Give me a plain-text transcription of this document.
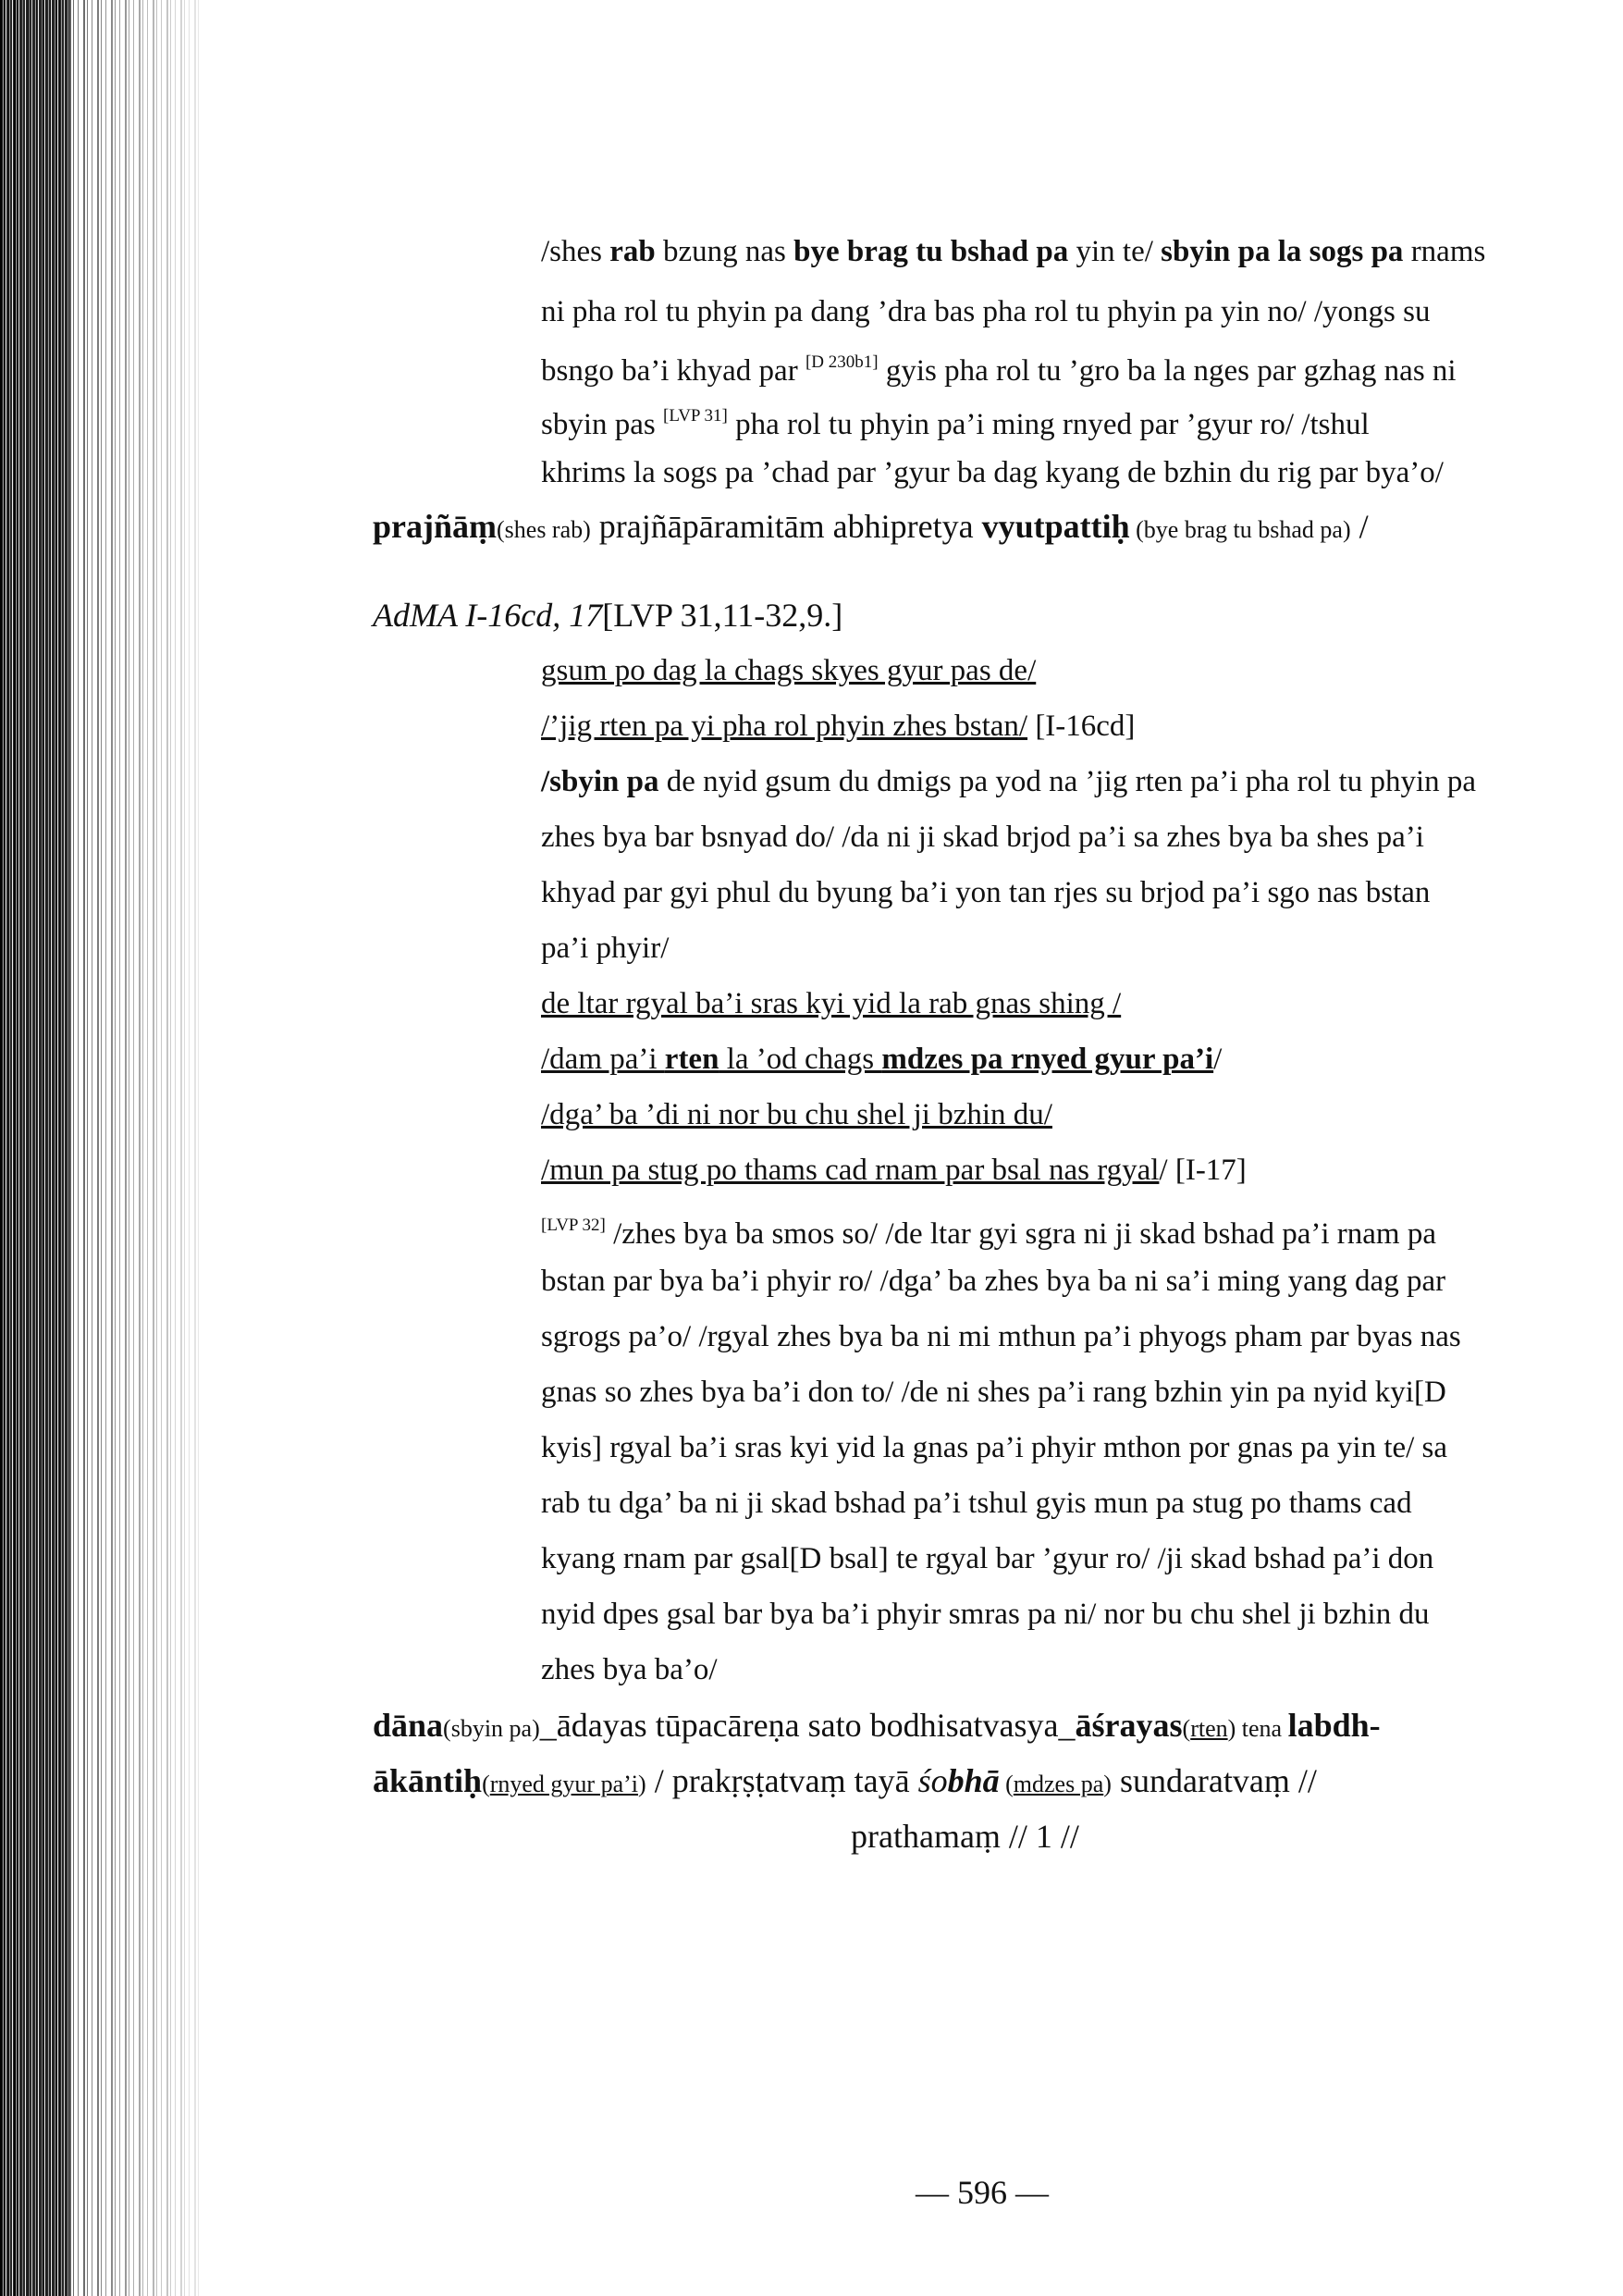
/shes rab bzung nas bye brag tu bshad pa yin te/ sbyin pa la sogs pa rnams
ni pha rol tu phyin pa dang ’dra bas pha rol tu phyin pa yin no/ /yongs su
bsngo ba’i khyad par [D 230b1] gyis pha rol tu ’gro ba la nges par gzhag nas ni
sbyin pas [LVP 31] pha rol tu phyin pa’i ming rnyed par ’gyur ro/ /tshul
khrims la sogs pa ’chad par ’gyur ba dag kyang de bzhin du rig par bya’o/
prajñāṃ(shes rab) prajñāpāramitām abhipretya vyutpattiḥ (bye brag tu bshad pa) /
AdMA I-16cd, 17[LVP 31,11-32,9.]
gsum po dag la chags skyes gyur pas de/
/’jig rten pa yi pha rol phyin zhes bstan/ [I-16cd]
/sbyin pa de nyid gsum du dmigs pa yod na ’jig rten pa’i pha rol tu phyin pa
zhes bya bar bsnyad do/ /da ni ji skad brjod pa’i sa zhes bya ba shes pa’i
khyad par gyi phul du byung ba’i yon tan rjes su brjod pa’i sgo nas bstan
pa’i phyir/
de ltar rgyal ba’i sras kyi yid la rab gnas shing /
/dam pa’i rten la ’od chags mdzes pa rnyed gyur pa’i/
/dga’ ba ’di ni nor bu chu shel ji bzhin du/
/mun pa stug po thams cad rnam par bsal nas rgyal/ [I-17]
[LVP 32] /zhes bya ba smos so/ /de ltar gyi sgra ni ji skad bshad pa’i rnam pa
bstan par bya ba’i phyir ro/ /dga’ ba zhes bya ba ni sa’i ming yang dag par
sgrogs pa’o/ /rgyal zhes bya ba ni mi mthun pa’i phyogs pham par byas nas
gnas so zhes bya ba’i don to/ /de ni shes pa’i rang bzhin yin pa nyid kyi[D
kyis] rgyal ba’i sras kyi yid la gnas pa’i phyir mthon por gnas pa yin te/ sa
rab tu dga’ ba ni ji skad bshad pa’i tshul gyis mun pa stug po thams cad
kyang rnam par gsal[D bsal] te rgyal bar ’gyur ro/ /ji skad bshad pa’i don
nyid dpes gsal bar bya ba’i phyir smras pa ni/ nor bu chu shel ji bzhin du
zhes bya ba’o/
dāna(sbyin pa)_ādayas tūpacāreṇa sato bodhisatvasya_āśrayas(rten) tena labdh-
ākāntiḥ(rnyed gyur pa’i) / prakṛṣṭatvaṃ tayā śobhā (mdzes pa) sundaratvaṃ //
prathamaṃ // 1 //
— 596 —
